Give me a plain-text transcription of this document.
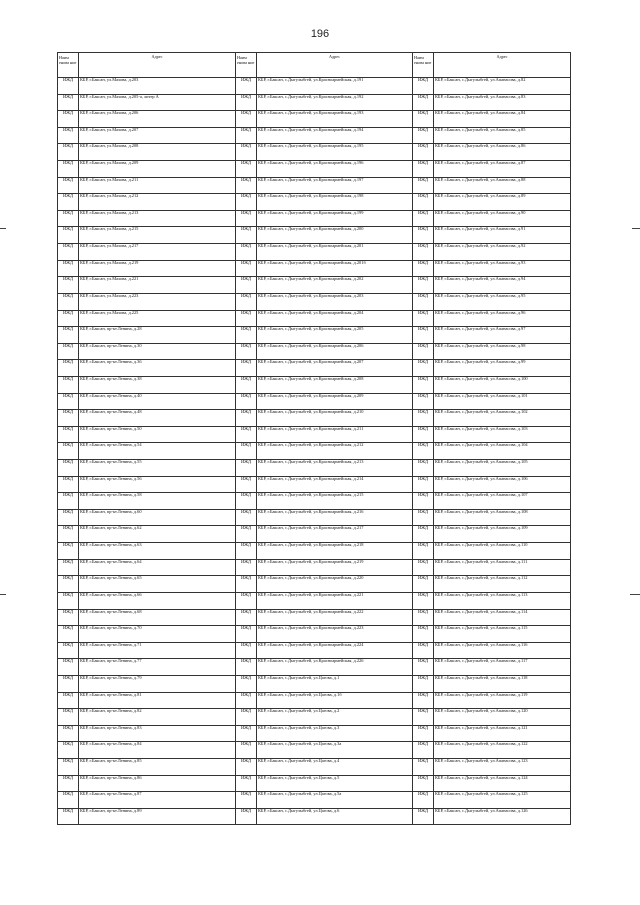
196
Наим енова ние	Адрес	Наим енова ние	Адрес	Наим енова ние	Адрес
ИЖД	КБР, г.Баксан, ул.Махова, д.203	ИЖД	КБР, г.Баксан, с.Дыгулыбгей, ул.Красноармейская, д.191	ИЖД	КБР, г.Баксан, с.Дыгулыбгей, ул.Апанасова, д.82
ИЖД	КБР, г.Баксан, ул.Махова, д.205-а, литер А	ИЖД	КБР, г.Баксан, с.Дыгулыбгей, ул.Красноармейская, д.192	ИЖД	КБР, г.Баксан, с.Дыгулыбгей, ул.Апанасова, д.83
ИЖД	КБР, г.Баксан, ул.Махова, д.206	ИЖД	КБР, г.Баксан, с.Дыгулыбгей, ул.Красноармейская, д.193	ИЖД	КБР, г.Баксан, с.Дыгулыбгей, ул.Апанасова, д.84
ИЖД	КБР, г.Баксан, ул.Махова, д.207	ИЖД	КБР, г.Баксан, с.Дыгулыбгей, ул.Красноармейская, д.194	ИЖД	КБР, г.Баксан, с.Дыгулыбгей, ул.Апанасова, д.85
ИЖД	КБР, г.Баксан, ул.Махова, д.208	ИЖД	КБР, г.Баксан, с.Дыгулыбгей, ул.Красноармейская, д.195	ИЖД	КБР, г.Баксан, с.Дыгулыбгей, ул.Апанасова, д.86
ИЖД	КБР, г.Баксан, ул.Махова, д.209	ИЖД	КБР, г.Баксан, с.Дыгулыбгей, ул.Красноармейская, д.196	ИЖД	КБР, г.Баксан, с.Дыгулыбгей, ул.Апанасова, д.87
ИЖД	КБР, г.Баксан, ул.Махова, д.211	ИЖД	КБР, г.Баксан, с.Дыгулыбгей, ул.Красноармейская, д.197	ИЖД	КБР, г.Баксан, с.Дыгулыбгей, ул.Апанасова, д.88
ИЖД	КБР, г.Баксан, ул.Махова, д.212	ИЖД	КБР, г.Баксан, с.Дыгулыбгей, ул.Красноармейская, д.198	ИЖД	КБР, г.Баксан, с.Дыгулыбгей, ул.Апанасова, д.89
ИЖД	КБР, г.Баксан, ул.Махова, д.213	ИЖД	КБР, г.Баксан, с.Дыгулыбгей, ул.Красноармейская, д.199	ИЖД	КБР, г.Баксан, с.Дыгулыбгей, ул.Апанасова, д.90
ИЖД	КБР, г.Баксан, ул.Махова, д.215	ИЖД	КБР, г.Баксан, с.Дыгулыбгей, ул.Красноармейская, д.200	ИЖД	КБР, г.Баксан, с.Дыгулыбгей, ул.Апанасова, д.91
ИЖД	КБР, г.Баксан, ул.Махова, д.217	ИЖД	КБР, г.Баксан, с.Дыгулыбгей, ул.Красноармейская, д.201	ИЖД	КБР, г.Баксан, с.Дыгулыбгей, ул.Апанасова, д.92
ИЖД	КБР, г.Баксан, ул.Махова, д.219	ИЖД	КБР, г.Баксан, с.Дыгулыбгей, ул.Красноармейская, д.201б	ИЖД	КБР, г.Баксан, с.Дыгулыбгей, ул.Апанасова, д.93
ИЖД	КБР, г.Баксан, ул.Махова, д.221	ИЖД	КБР, г.Баксан, с.Дыгулыбгей, ул.Красноармейская, д.202	ИЖД	КБР, г.Баксан, с.Дыгулыбгей, ул.Апанасова, д.94
ИЖД	КБР, г.Баксан, ул.Махова, д.223	ИЖД	КБР, г.Баксан, с.Дыгулыбгей, ул.Красноармейская, д.203	ИЖД	КБР, г.Баксан, с.Дыгулыбгей, ул.Апанасова, д.95
ИЖД	КБР, г.Баксан, ул.Махова, д.225	ИЖД	КБР, г.Баксан, с.Дыгулыбгей, ул.Красноармейская, д.204	ИЖД	КБР, г.Баксан, с.Дыгулыбгей, ул.Апанасова, д.96
ИЖД	КБР, г.Баксан, пр-кт.Ленина, д.28	ИЖД	КБР, г.Баксан, с.Дыгулыбгей, ул.Красноармейская, д.205	ИЖД	КБР, г.Баксан, с.Дыгулыбгей, ул.Апанасова, д.97
ИЖД	КБР, г.Баксан, пр-кт.Ленина, д.30	ИЖД	КБР, г.Баксан, с.Дыгулыбгей, ул.Красноармейская, д.206	ИЖД	КБР, г.Баксан, с.Дыгулыбгей, ул.Апанасова, д.98
ИЖД	КБР, г.Баксан, пр-кт.Ленина, д.36	ИЖД	КБР, г.Баксан, с.Дыгулыбгей, ул.Красноармейская, д.207	ИЖД	КБР, г.Баксан, с.Дыгулыбгей, ул.Апанасова, д.99
ИЖД	КБР, г.Баксан, пр-кт.Ленина, д.38	ИЖД	КБР, г.Баксан, с.Дыгулыбгей, ул.Красноармейская, д.208	ИЖД	КБР, г.Баксан, с.Дыгулыбгей, ул.Апанасова, д.100
ИЖД	КБР, г.Баксан, пр-кт.Ленина, д.40	ИЖД	КБР, г.Баксан, с.Дыгулыбгей, ул.Красноармейская, д.209	ИЖД	КБР, г.Баксан, с.Дыгулыбгей, ул.Апанасова, д.101
ИЖД	КБР, г.Баксан, пр-кт.Ленина, д.48	ИЖД	КБР, г.Баксан, с.Дыгулыбгей, ул.Красноармейская, д.210	ИЖД	КБР, г.Баксан, с.Дыгулыбгей, ул.Апанасова, д.102
ИЖД	КБР, г.Баксан, пр-кт.Ленина, д.50	ИЖД	КБР, г.Баксан, с.Дыгулыбгей, ул.Красноармейская, д.211	ИЖД	КБР, г.Баксан, с.Дыгулыбгей, ул.Апанасова, д.103
ИЖД	КБР, г.Баксан, пр-кт.Ленина, д.54	ИЖД	КБР, г.Баксан, с.Дыгулыбгей, ул.Красноармейская, д.212	ИЖД	КБР, г.Баксан, с.Дыгулыбгей, ул.Апанасова, д.104
ИЖД	КБР, г.Баксан, пр-кт.Ленина, д.55	ИЖД	КБР, г.Баксан, с.Дыгулыбгей, ул.Красноармейская, д.213	ИЖД	КБР, г.Баксан, с.Дыгулыбгей, ул.Апанасова, д.105
ИЖД	КБР, г.Баксан, пр-кт.Ленина, д.56	ИЖД	КБР, г.Баксан, с.Дыгулыбгей, ул.Красноармейская, д.214	ИЖД	КБР, г.Баксан, с.Дыгулыбгей, ул.Апанасова, д.106
ИЖД	КБР, г.Баксан, пр-кт.Ленина, д.58	ИЖД	КБР, г.Баксан, с.Дыгулыбгей, ул.Красноармейская, д.215	ИЖД	КБР, г.Баксан, с.Дыгулыбгей, ул.Апанасова, д.107
ИЖД	КБР, г.Баксан, пр-кт.Ленина, д.60	ИЖД	КБР, г.Баксан, с.Дыгулыбгей, ул.Красноармейская, д.216	ИЖД	КБР, г.Баксан, с.Дыгулыбгей, ул.Апанасова, д.108
ИЖД	КБР, г.Баксан, пр-кт.Ленина, д.62	ИЖД	КБР, г.Баксан, с.Дыгулыбгей, ул.Красноармейская, д.217	ИЖД	КБР, г.Баксан, с.Дыгулыбгей, ул.Апанасова, д.109
ИЖД	КБР, г.Баксан, пр-кт.Ленина, д.63	ИЖД	КБР, г.Баксан, с.Дыгулыбгей, ул.Красноармейская, д.218	ИЖД	КБР, г.Баксан, с.Дыгулыбгей, ул.Апанасова, д.110
ИЖД	КБР, г.Баксан, пр-кт.Ленина, д.64	ИЖД	КБР, г.Баксан, с.Дыгулыбгей, ул.Красноармейская, д.219	ИЖД	КБР, г.Баксан, с.Дыгулыбгей, ул.Апанасова, д.111
ИЖД	КБР, г.Баксан, пр-кт.Ленина, д.65	ИЖД	КБР, г.Баксан, с.Дыгулыбгей, ул.Красноармейская, д.220	ИЖД	КБР, г.Баксан, с.Дыгулыбгей, ул.Апанасова, д.112
ИЖД	КБР, г.Баксан, пр-кт.Ленина, д.66	ИЖД	КБР, г.Баксан, с.Дыгулыбгей, ул.Красноармейская, д.221	ИЖД	КБР, г.Баксан, с.Дыгулыбгей, ул.Апанасова, д.113
ИЖД	КБР, г.Баксан, пр-кт.Ленина, д.68	ИЖД	КБР, г.Баксан, с.Дыгулыбгей, ул.Красноармейская, д.222	ИЖД	КБР, г.Баксан, с.Дыгулыбгей, ул.Апанасова, д.114
ИЖД	КБР, г.Баксан, пр-кт.Ленина, д.70	ИЖД	КБР, г.Баксан, с.Дыгулыбгей, ул.Красноармейская, д.223	ИЖД	КБР, г.Баксан, с.Дыгулыбгей, ул.Апанасова, д.115
ИЖД	КБР, г.Баксан, пр-кт.Ленина, д.71	ИЖД	КБР, г.Баксан, с.Дыгулыбгей, ул.Красноармейская, д.224	ИЖД	КБР, г.Баксан, с.Дыгулыбгей, ул.Апанасова, д.116
ИЖД	КБР, г.Баксан, пр-кт.Ленина, д.77	ИЖД	КБР, г.Баксан, с.Дыгулыбгей, ул.Красноармейская, д.226	ИЖД	КБР, г.Баксан, с.Дыгулыбгей, ул.Апанасова, д.117
ИЖД	КБР, г.Баксан, пр-кт.Ленина, д.79	ИЖД	КБР, г.Баксан, с.Дыгулыбгей, ул.Цагова, д.1	ИЖД	КБР, г.Баксан, с.Дыгулыбгей, ул.Апанасова, д.118
ИЖД	КБР, г.Баксан, пр-кт.Ленина, д.81	ИЖД	КБР, г.Баксан, с.Дыгулыбгей, ул.Цагова, д.1б	ИЖД	КБР, г.Баксан, с.Дыгулыбгей, ул.Апанасова, д.119
ИЖД	КБР, г.Баксан, пр-кт.Ленина, д.82	ИЖД	КБР, г.Баксан, с.Дыгулыбгей, ул.Цагова, д.2	ИЖД	КБР, г.Баксан, с.Дыгулыбгей, ул.Апанасова, д.120
ИЖД	КБР, г.Баксан, пр-кт.Ленина, д.83	ИЖД	КБР, г.Баксан, с.Дыгулыбгей, ул.Цагова, д.3	ИЖД	КБР, г.Баксан, с.Дыгулыбгей, ул.Апанасова, д.121
ИЖД	КБР, г.Баксан, пр-кт.Ленина, д.84	ИЖД	КБР, г.Баксан, с.Дыгулыбгей, ул.Цагова, д.3а	ИЖД	КБР, г.Баксан, с.Дыгулыбгей, ул.Апанасова, д.122
ИЖД	КБР, г.Баксан, пр-кт.Ленина, д.85	ИЖД	КБР, г.Баксан, с.Дыгулыбгей, ул.Цагова, д.4	ИЖД	КБР, г.Баксан, с.Дыгулыбгей, ул.Апанасова, д.123
ИЖД	КБР, г.Баксан, пр-кт.Ленина, д.86	ИЖД	КБР, г.Баксан, с.Дыгулыбгей, ул.Цагова, д.5	ИЖД	КБР, г.Баксан, с.Дыгулыбгей, ул.Апанасова, д.124
ИЖД	КБР, г.Баксан, пр-кт.Ленина, д.87	ИЖД	КБР, г.Баксан, с.Дыгулыбгей, ул.Цагова, д.5а	ИЖД	КБР, г.Баксан, с.Дыгулыбгей, ул.Апанасова, д.125
ИЖД	КБР, г.Баксан, пр-кт.Ленина, д.89	ИЖД	КБР, г.Баксан, с.Дыгулыбгей, ул.Цагова, д.6	ИЖД	КБР, г.Баксан, с.Дыгулыбгей, ул.Апанасова, д.126
